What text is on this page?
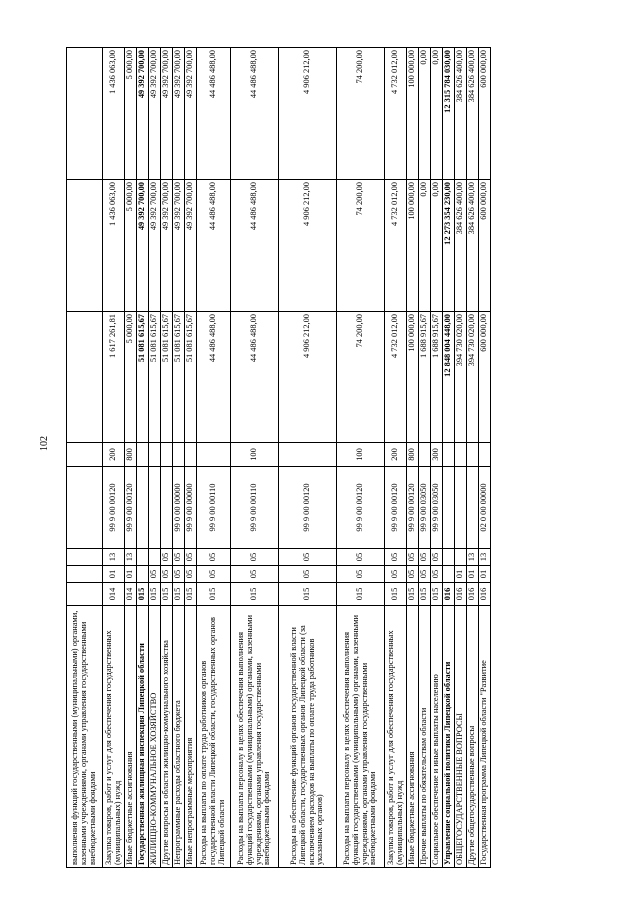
102
выполнения функций государственными (муниципальными) органами, казенными учреждениями, органами управления государственными внебюджетными фондами								
Закупка товаров, работ и услуг для обеспечения государственных (муниципальных) нужд	014	01	13	99 9 00 00120	200	1 617 261,81	1 436 063,00	1 436 063,00
Иные бюджетные ассигнования	014	01	13	99 9 00 00120	800	5 000,00	5 000,00	5 000,00
Государственная жилищная инспекция Липецкой области	015					51 081 615,67	49 392 700,00	49 392 700,00
ЖИЛИЩНО-КОММУНАЛЬНОЕ ХОЗЯЙСТВО	015	05				51 081 615,67	49 392 700,00	49 392 700,00
Другие вопросы в области жилищно-коммунального хозяйства	015	05	05			51 081 615,67	49 392 700,00	49 392 700,00
Непрограммные расходы областного бюджета	015	05	05	99 0 00 00000		51 081 615,67	49 392 700,00	49 392 700,00
Иные непрограммные мероприятия	015	05	05	99 9 00 00000		51 081 615,67	49 392 700,00	49 392 700,00
Расходы на выплаты по оплате труда работников органов государственной власти Липецкой области, государственных органов Липецкой области	015	05	05	99 9 00 00110		44 486 488,00	44 486 488,00	44 486 488,00
Расходы на выплаты персоналу в целях обеспечения выполнения функций государственными (муниципальными) органами, казенными учреждениями, органами управления государственными внебюджетными фондами	015	05	05	99 9 00 00110	100	44 486 488,00	44 486 488,00	44 486 488,00
Расходы на обеспечение функций органов государственной власти Липецкой области, государственных органов Липецкой области (за исключением расходов на выплаты по оплате труда работников указанных органов)	015	05	05	99 9 00 00120		4 906 212,00	4 906 212,00	4 906 212,00
Расходы на выплаты персоналу в целях обеспечения выполнения функций государственными (муниципальными) органами, казенными учреждениями, органами управления государственными внебюджетными фондами	015	05	05	99 9 00 00120	100	74 200,00	74 200,00	74 200,00
Закупка товаров, работ и услуг для обеспечения государственных (муниципальных) нужд	015	05	05	99 9 00 00120	200	4 732 012,00	4 732 012,00	4 732 012,00
Иные бюджетные ассигнования	015	05	05	99 9 00 00120	800	100 000,00	100 000,00	100 000,00
Прочие выплаты по обязательствам области	015	05	05	99 9 00 03050		1 688 915,67	0,00	0,00
Социальное обеспечение и иные выплаты населению	015	05	05	99 9 00 03050	300	1 688 915,67	0,00	0,00
Управление социальной политики Липецкой области	016					12 848 004 448,00	12 273 354 230,00	12 315 784 030,00
ОБЩЕГОСУДАРСТВЕННЫЕ ВОПРОСЫ	016	01				394 730 020,00	384 626 400,00	384 626 400,00
Другие общегосударственные вопросы	016	01	13			394 730 020,00	384 626 400,00	384 626 400,00
Государственная программа Липецкой области "Развитие	016	01	13	02 0 00 00000		600 000,00	600 000,00	600 000,00
